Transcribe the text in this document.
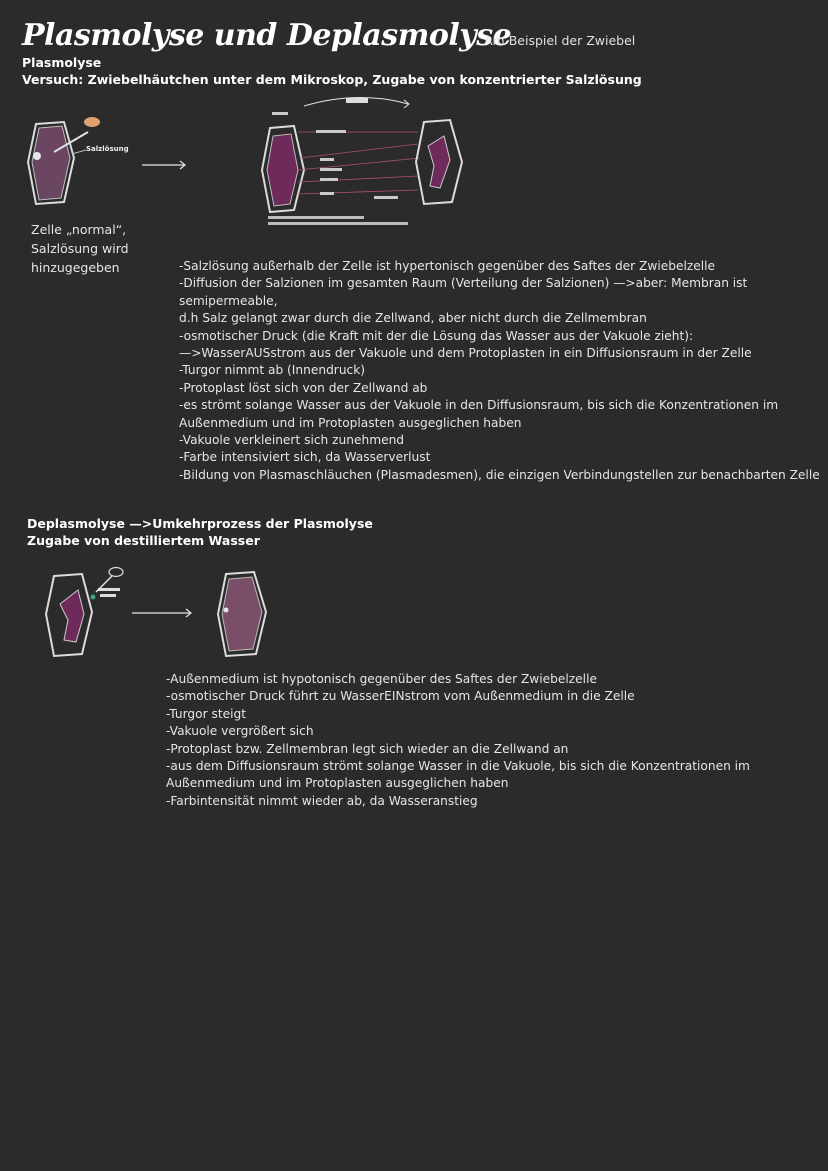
Plasmolyse und Deplasmolyse
Am Beispiel der Zwiebel
Plasmolyse
Versuch: Zwiebelhäutchen unter dem Mikroskop, Zugabe von konzentrierter Salzlösung
Salzlösung
Zelle „normal“,
Salzlösung wird
hinzugegeben	-Salzlösung außerhalb der Zelle ist hypertonisch gegenüber des Saftes der Zwiebelzelle
-Diffusion der Salzionen im gesamten Raum (Verteilung der Salzionen) —>aber: Membran ist semipermeable,
d.h Salz gelangt zwar durch die Zellwand, aber nicht durch die Zellmembran
-osmotischer Druck (die Kraft mit der die Lösung das Wasser aus der Vakuole zieht):
—>WasserAUSstrom aus der Vakuole und dem Protoplasten in ein Diffusionsraum in der Zelle
-Turgor nimmt ab (Innendruck)
-Protoplast löst sich von der Zellwand ab
-es strömt solange Wasser aus der Vakuole in den Diffusionsraum, bis sich die Konzentrationen im
Außenmedium und im Protoplasten ausgeglichen haben
-Vakuole verkleinert sich zunehmend
-Farbe intensiviert sich, da Wasserverlust
-Bildung von Plasmaschläuchen (Plasmadesmen), die einzigen Verbindungstellen zur benachbarten Zelle
Deplasmolyse —>Umkehrprozess der Plasmolyse
Zugabe von destilliertem Wasser
-Außenmedium ist hypotonisch gegenüber des Saftes der Zwiebelzelle
-osmotischer Druck führt zu WasserEINstrom vom Außenmedium in die Zelle
-Turgor steigt
-Vakuole vergrößert sich
-Protoplast bzw. Zellmembran legt sich wieder an die Zellwand an
-aus dem Diffusionsraum strömt solange Wasser in die Vakuole, bis sich die Konzentrationen im
Außenmedium und im Protoplasten ausgeglichen haben
-Farbintensität nimmt wieder ab, da Wasseranstieg
